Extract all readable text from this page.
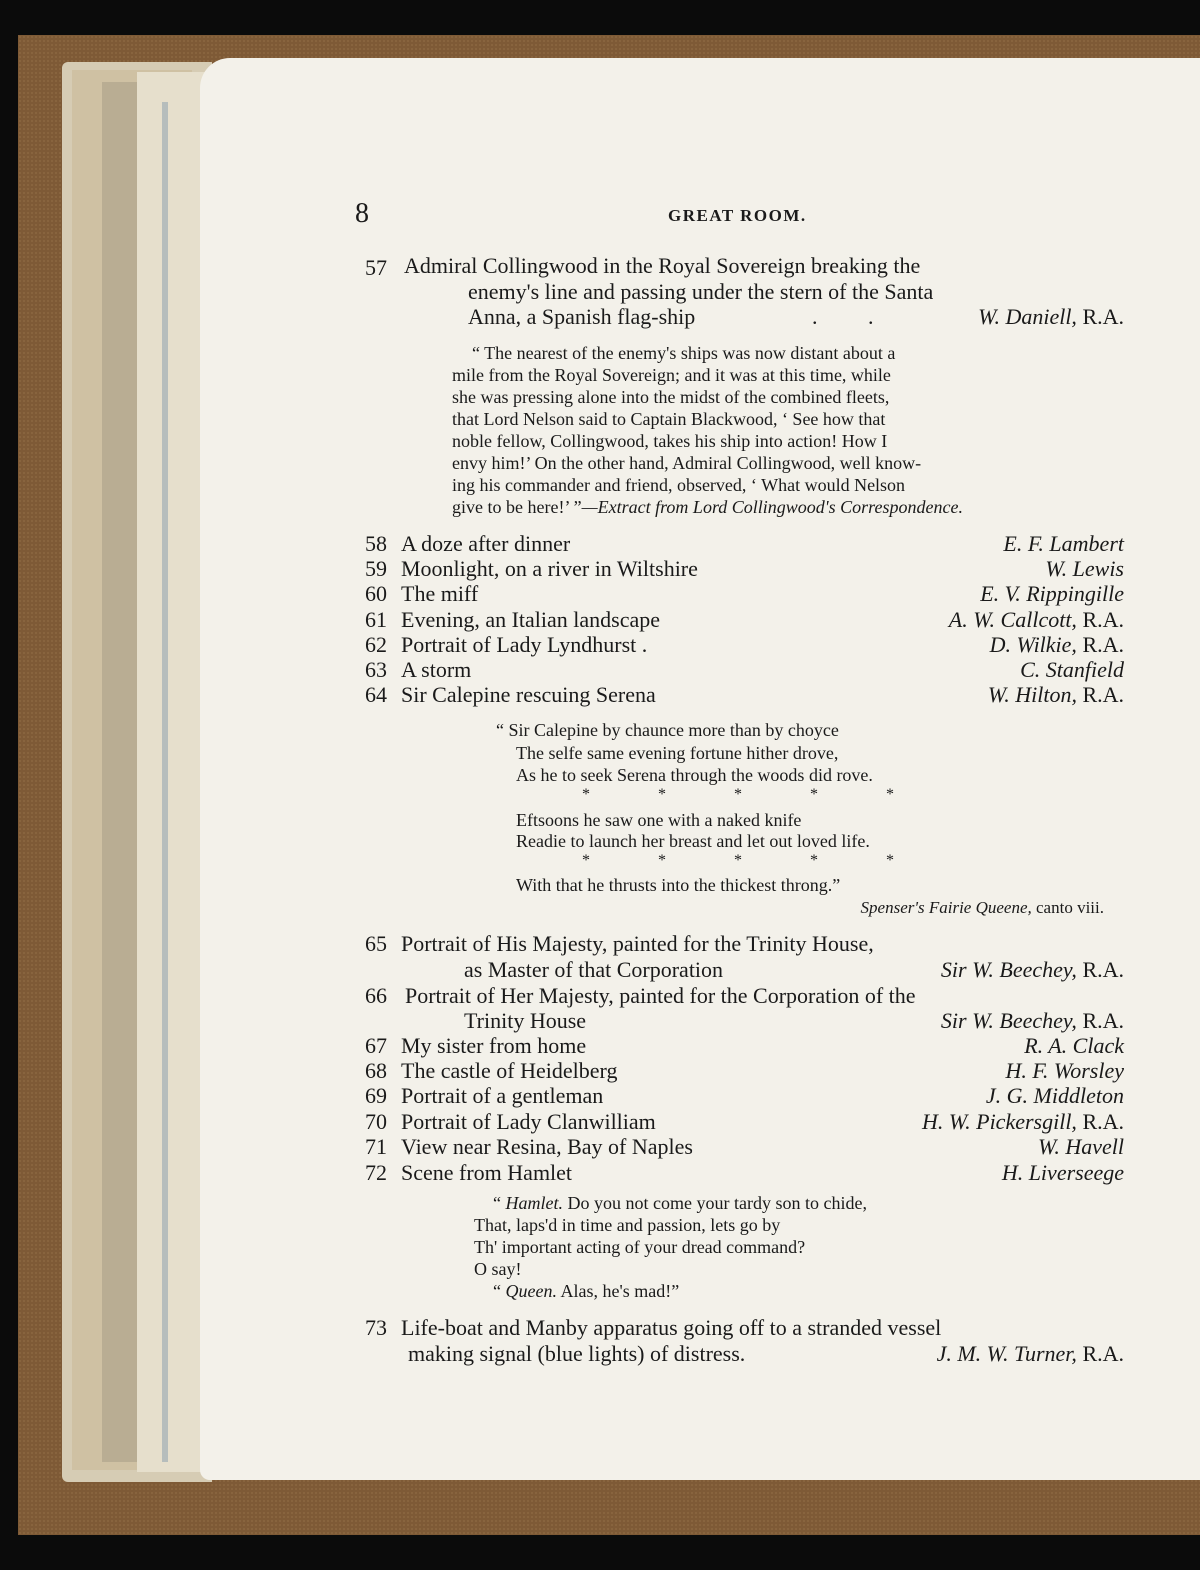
8	GREAT ROOM.
57 Admiral Collingwood in the Royal Sovereign breaking the
enemy's line and passing under the stern of the Santa
Anna, a Spanish flag-ship	. .	W. Daniell, R.A.
“ The nearest of the enemy's ships was now distant about a
mile from the Royal Sovereign; and it was at this time, while
she was pressing alone into the midst of the combined fleets,
that Lord Nelson said to Captain Blackwood, ‘ See how that
noble fellow, Collingwood, takes his ship into action! How I
envy him!’ On the other hand, Admiral Collingwood, well know-
ing his commander and friend, observed, ‘ What would Nelson
give to be here!’ ”—Extract from Lord Collingwood's Correspondence.
58 A doze after dinner	E. F. Lambert
59 Moonlight, on a river in Wiltshire	W. Lewis
60 The miff	E. V. Rippingille
61 Evening, an Italian landscape	A. W. Callcott, R.A.
62 Portrait of Lady Lyndhurst .	D. Wilkie, R.A.
63 A storm	C. Stanfield
64 Sir Calepine rescuing Serena	W. Hilton, R.A.
“ Sir Calepine by chaunce more than by choyce
The selfe same evening fortune hither drove,
As he to seek Serena through the woods did rove.
*	*	*	*	*
Eftsoons he saw one with a naked knife
Readie to launch her breast and let out loved life.
*	*	*	*	*
With that he thrusts into the thickest throng.”
Spenser's Fairie Queene, canto viii.
65 Portrait of His Majesty, painted for the Trinity House,
as Master of that Corporation	Sir W. Beechey, R.A.
66 Portrait of Her Majesty, painted for the Corporation of the
Trinity House	Sir W. Beechey, R.A.
67 My sister from home	R. A. Clack
68 The castle of Heidelberg	H. F. Worsley
69 Portrait of a gentleman	J. G. Middleton
70 Portrait of Lady Clanwilliam	H. W. Pickersgill, R.A.
71 View near Resina, Bay of Naples	W. Havell
72 Scene from Hamlet	H. Liverseege
“ Hamlet. Do you not come your tardy son to chide,
That, laps'd in time and passion, lets go by
Th' important acting of your dread command?
O say!
“ Queen. Alas, he's mad!”
73 Life-boat and Manby apparatus going off to a stranded vessel
making signal (blue lights) of distress.	J. M. W. Turner, R.A.
